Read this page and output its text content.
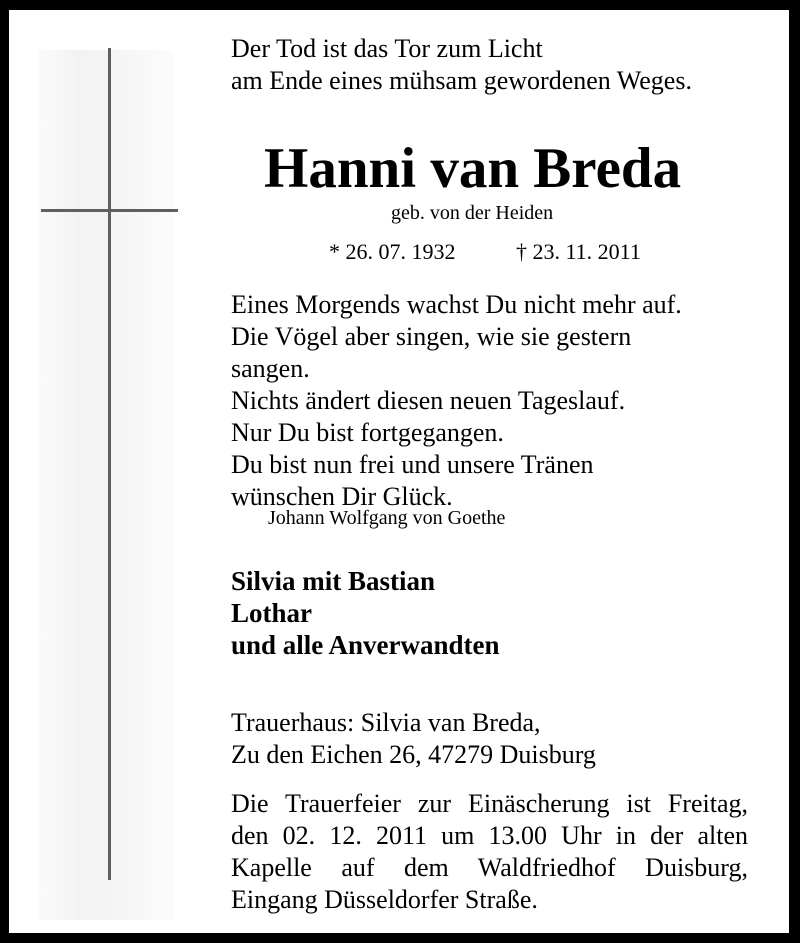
Der Tod ist das Tor zum Licht
am Ende eines mühsam gewordenen Weges.
Hanni van Breda
geb. von der Heiden
* 26. 07. 1932	† 23. 11. 2011
Eines Morgends wachst Du nicht mehr auf.
Die Vögel aber singen, wie sie gestern
sangen.
Nichts ändert diesen neuen Tageslauf.
Nur Du bist fortgegangen.
Du bist nun frei und unsere Tränen
wünschen Dir Glück.
Johann Wolfgang von Goethe
Silvia mit Bastian
Lothar
und alle Anverwandten
Trauerhaus: Silvia van Breda,
Zu den Eichen 26, 47279 Duisburg
Die Trauerfeier zur Einäscherung ist Freitag,
den 02. 12. 2011 um 13.00 Uhr in der alten
Kapelle auf dem Waldfriedhof Duisburg,
Eingang Düsseldorfer Straße.
